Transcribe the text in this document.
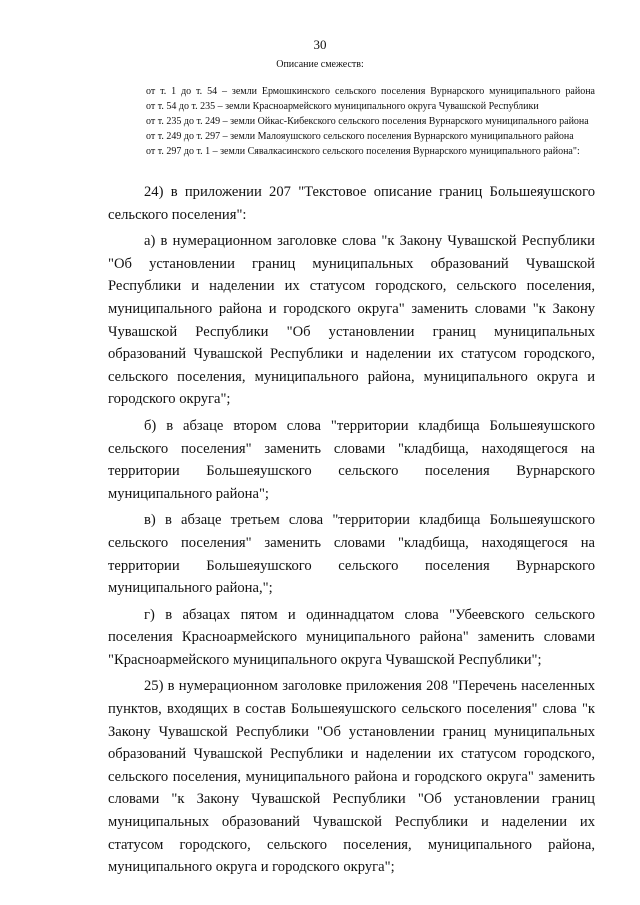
30
Описание смежеств:

от т. 1 до т. 54 – земли Ермошкинского сельского поселения Вурнарского муниципального района

от т. 54 до т. 235 – земли Красноармейского муниципального округа Чувашской Республики

от т. 235 до т. 249 – земли Ойкас-Кибекского сельского поселения Вурнарского муниципального района

от т. 249 до т. 297 – земли Малояушского сельского поселения Вурнарского муниципального района

от т. 297 до т. 1 – земли Сявалкасинского сельского поселения Вурнарского муниципального района":

24) в приложении 207 "Текстовое описание границ Большеяушского сельского поселения":

а) в нумерационном заголовке слова "к Закону Чувашской Республики "Об установлении границ муниципальных образований Чувашской Республики и наделении их статусом городского, сельского поселения, муниципального района и городского округа" заменить словами "к Закону Чувашской Республики "Об установлении границ муниципальных образований Чувашской Республики и наделении их статусом городского, сельского поселения, муниципального района, муниципального округа и городского округа";

б) в абзаце втором слова "территории кладбища Большеяушского сельского поселения" заменить словами "кладбища, находящегося на территории Большеяушского сельского поселения Вурнарского муниципального района";

в) в абзаце третьем слова "территории кладбища Большеяушского сельского поселения" заменить словами "кладбища, находящегося на территории Большеяушского сельского поселения Вурнарского муниципального района,";

г) в абзацах пятом и одиннадцатом слова "Убеевского сельского поселения Красноармейского муниципального района" заменить словами "Красноармейского муниципального округа Чувашской Республики";

25) в нумерационном заголовке приложения 208 "Перечень населенных пунктов, входящих в состав Большеяушского сельского поселения" слова "к Закону Чувашской Республики "Об установлении границ муниципальных образований Чувашской Республики и наделении их статусом городского, сельского поселения, муниципального района и городского округа" заменить словами "к Закону Чувашской Республики "Об установлении границ муниципальных образований Чувашской Республики и наделении их статусом городского, сельского поселения, муниципального района, муниципального округа и городского округа";
